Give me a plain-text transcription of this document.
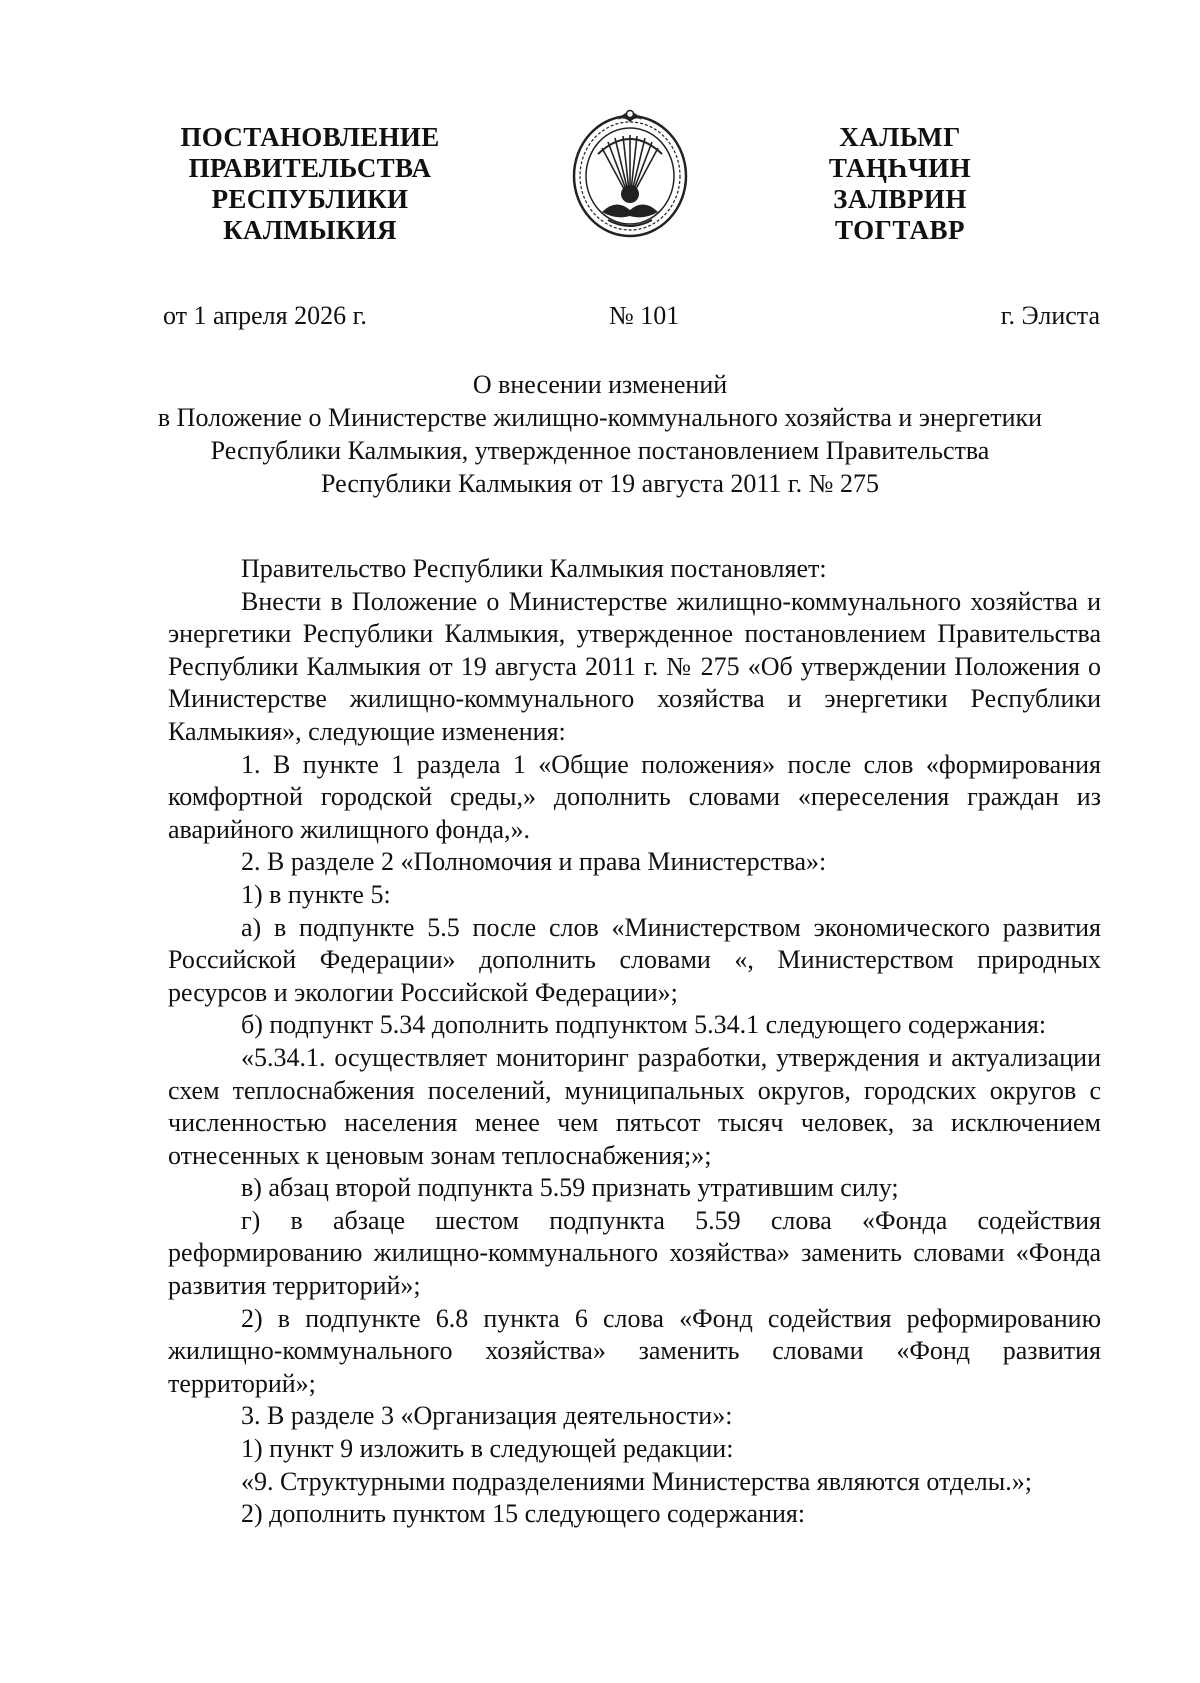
ПОСТАНОВЛЕНИЕ
ПРАВИТЕЛЬСТВА
РЕСПУБЛИКИ
КАЛМЫКИЯ
ХАЛЬМГ
ТАҢҺЧИН
ЗАЛВРИН
ТОГТАВР
от 1 апреля 2026 г.	№ 101	г. Элиста
О внесении изменений
в Положение о Министерстве жилищно-коммунального хозяйства и энергетики
Республики Калмыкия, утвержденное постановлением Правительства
Республики Калмыкия от 19 августа 2011 г. № 275

Правительство Республики Калмыкия постановляет:

Внести в Положение о Министерстве жилищно-коммунального хозяйства и энергетики Республики Калмыкия, утвержденное постановлением Правительства Республики Калмыкия от 19 августа 2011 г. № 275 «Об утверждении Положения о Министерстве жилищно-коммунального хозяйства и энергетики Республики Калмыкия», следующие изменения:

1. В пункте 1 раздела 1 «Общие положения» после слов «формирования комфортной городской среды,» дополнить словами «переселения граждан из аварийного жилищного фонда,».

2. В разделе 2 «Полномочия и права Министерства»:

1) в пункте 5:

а) в подпункте 5.5 после слов «Министерством экономического развития Российской Федерации» дополнить словами «, Министерством природных ресурсов и экологии Российской Федерации»;

б) подпункт 5.34 дополнить подпунктом 5.34.1 следующего содержания:

«5.34.1. осуществляет мониторинг разработки, утверждения и актуализации схем теплоснабжения поселений, муниципальных округов, городских округов с численностью населения менее чем пятьсот тысяч человек, за исключением отнесенных к ценовым зонам теплоснабжения;»;

в) абзац второй подпункта 5.59 признать утратившим силу;

г) в абзаце шестом подпункта 5.59 слова «Фонда содействия реформированию жилищно-коммунального хозяйства» заменить словами «Фонда развития территорий»;

2) в подпункте 6.8 пункта 6 слова «Фонд содействия реформированию жилищно-коммунального хозяйства» заменить словами «Фонд развития территорий»;

3. В разделе 3 «Организация деятельности»:

1) пункт 9 изложить в следующей редакции:

«9. Структурными подразделениями Министерства являются отделы.»;

2) дополнить пунктом 15 следующего содержания:
